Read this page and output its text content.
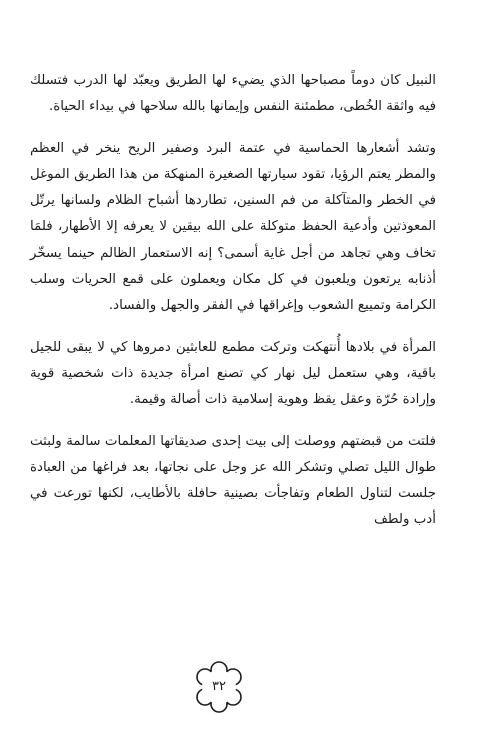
النبيل كان دوماً مصباحها الذي يضيء لها الطريق ويعبّد لها الدرب فتسلك فيه واثقة الخُطى، مطمئنة النفس وإيمانها بالله سلاحها في بيداء الحياة.

وتشد أشعارها الحماسية في عتمة البرد وصفير الريح ينخر في العظم والمطر يعتم الرؤيا، تقود سيارتها الصغيرة المنهكة من هذا الطريق الموغل في الخطر والمتآكلة من فم السنين، تطاردها أشباح الظلام ولسانها يرتّل المعوذتين وأدعية الحفظ متوكلة على الله بيقين لا يعرفه إلا الأطهار، فلمَا تخاف وهي تجاهد من أجل غاية أسمى؟ إنه الاستعمار الظالم حينما يسخّر أذنابه يرتعون ويلعبون في كل مكان ويعملون على قمع الحريات وسلب الكرامة وتمييع الشعوب وإغراقها في الفقر والجهل والفساد.

المرأة في بلادها أُنتهكت وتركت مطمع للعابثين دمروها كي لا يبقى للجيل باقية، وهي ستعمل ليل نهار كي تصنع امرأة جديدة ذات شخصية قوية وإرادة حُرّة وعقل يقظ وهوية إسلامية ذات أصالة وقيمة.

فلتت من قبضتهم ووصلت إلى بيت إحدى صديقاتها المعلمات سالمة ولبثت طوال الليل تصلي وتشكر الله عز وجل على نجاتها، بعد فراغها من العبادة جلست لتناول الطعام وتفاجأت بصينية حافلة بالأطايب، لكنها تورعت في أدب ولطف

٣٢
